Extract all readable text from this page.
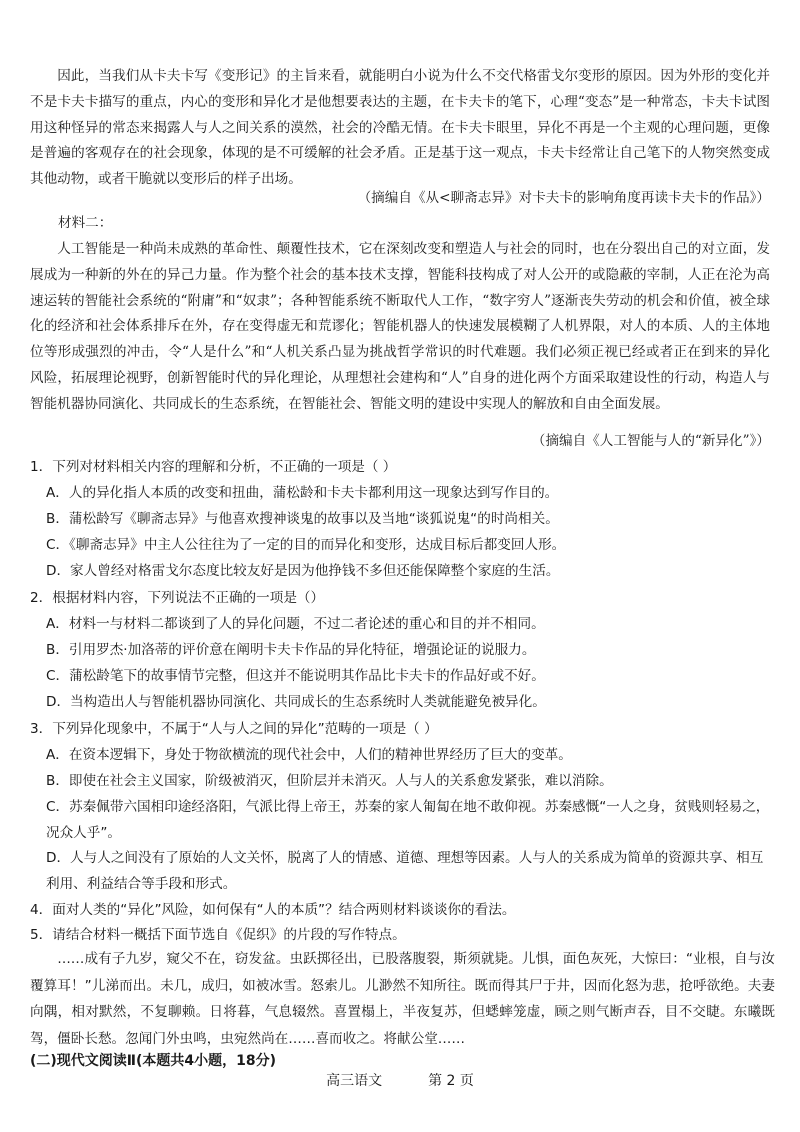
因此，当我们从卡夫卡写《变形记》的主旨来看，就能明白小说为什么不交代格雷戈尔变形的原因。因为外形的变化并不是卡夫卡描写的重点，内心的变形和异化才是他想要表达的主题，在卡夫卡的笔下，心理“变态”是一种常态，卡夫卡试图用这种怪异的常态来揭露人与人之间关系的漠然，社会的冷酷无情。在卡夫卡眼里，异化不再是一个主观的心理问题，更像是普遍的客观存在的社会现象，体现的是不可缓解的社会矛盾。正是基于这一观点，卡夫卡经常让自己笔下的人物突然变成其他动物，或者干脆就以变形后的样子出场。

（摘编自《从<聊斋志异》对卡夫卡的影响角度再读卡夫卡的作品》）

材料二：

人工智能是一种尚未成熟的革命性、颠覆性技术，它在深刻改变和塑造人与社会的同时，也在分裂出自己的对立面，发展成为一种新的外在的异己力量。作为整个社会的基本技术支撑，智能科技构成了对人公开的或隐蔽的宰制，人正在沦为高速运转的智能社会系统的“附庸”和“奴隶”；各种智能系统不断取代人工作，“数字穷人”逐渐丧失劳动的机会和价值，被全球化的经济和社会体系排斥在外，存在变得虚无和荒谬化；智能机器人的快速发展模糊了人机界限，对人的本质、人的主体地位等形成强烈的冲击，令“人是什么”和“人机关系凸显为挑战哲学常识的时代难题。我们必须正视已经或者正在到来的异化风险，拓展理论视野，创新智能时代的异化理论，从理想社会建构和“人”自身的进化两个方面采取建设性的行动，构造人与智能机器协同演化、共同成长的生态系统，在智能社会、智能文明的建设中实现人的解放和自由全面发展。

（摘编自《人工智能与人的“新异化”》）

1．下列对材料相关内容的理解和分析，不正确的一项是（ ）

A．人的异化指人本质的改变和扭曲，蒲松龄和卡夫卡都利用这一现象达到写作目的。

B．蒲松龄写《聊斋志异》与他喜欢搜神谈鬼的故事以及当地“谈狐说鬼“的时尚相关。

C．《聊斋志异》中主人公往往为了一定的目的而异化和变形，达成目标后都变回人形。

D．家人曾经对格雷戈尔态度比较友好是因为他挣钱不多但还能保障整个家庭的生活。

2．根据材料内容，下列说法不正确的一项是（）

A．材料一与材料二都谈到了人的异化问题，不过二者论述的重心和目的并不相同。

B．引用罗杰·加洛蒂的评价意在阐明卡夫卡作品的异化特征，增强论证的说服力。

C．蒲松龄笔下的故事情节完整，但这并不能说明其作品比卡夫卡的作品好或不好。

D．当构造出人与智能机器协同演化、共同成长的生态系统时人类就能避免被异化。

3．下列异化现象中，不属于“人与人之间的异化”范畴的一项是（ ）

A．在资本逻辑下，身处于物欲横流的现代社会中，人们的精神世界经历了巨大的变革。

B．即使在社会主义国家，阶级被消灭，但阶层并未消灭。人与人的关系愈发紧张，难以消除。

C．苏秦佩带六国相印途经洛阳，气派比得上帝王，苏秦的家人匍匐在地不敢仰视。苏秦感慨“一人之身，贫贱则轻易之，况众人乎”。

D．人与人之间没有了原始的人文关怀，脱离了人的情感、道德、理想等因素。人与人的关系成为简单的资源共享、相互利用、利益结合等手段和形式。

4．面对人类的“异化”风险，如何保有“人的本质”？结合两则材料谈谈你的看法。

5．请结合材料一概括下面节选自《促织》的片段的写作特点。

……成有子九岁，窥父不在，窃发盆。虫跃掷径出，已股落腹裂，斯须就毙。儿惧，面色灰死，大惊曰：“业根，自与汝覆算耳！”儿涕而出。未几，成归，如被冰雪。怒索儿。儿渺然不知所往。既而得其尸于井，因而化怒为悲，抢呼欲绝。夫妻向隅，相对默然，不复聊赖。日将暮，气息辍然。喜置榻上，半夜复苏，但蟋蟀笼虚，顾之则气断声吞，目不交睫。东曦既驾，僵卧长愁。忽闻门外虫鸣，虫宛然尚在……喜而收之。将献公堂……

(二)现代文阅读Ⅱ(本题共4小题，18分)

高三语文	第 2 页
